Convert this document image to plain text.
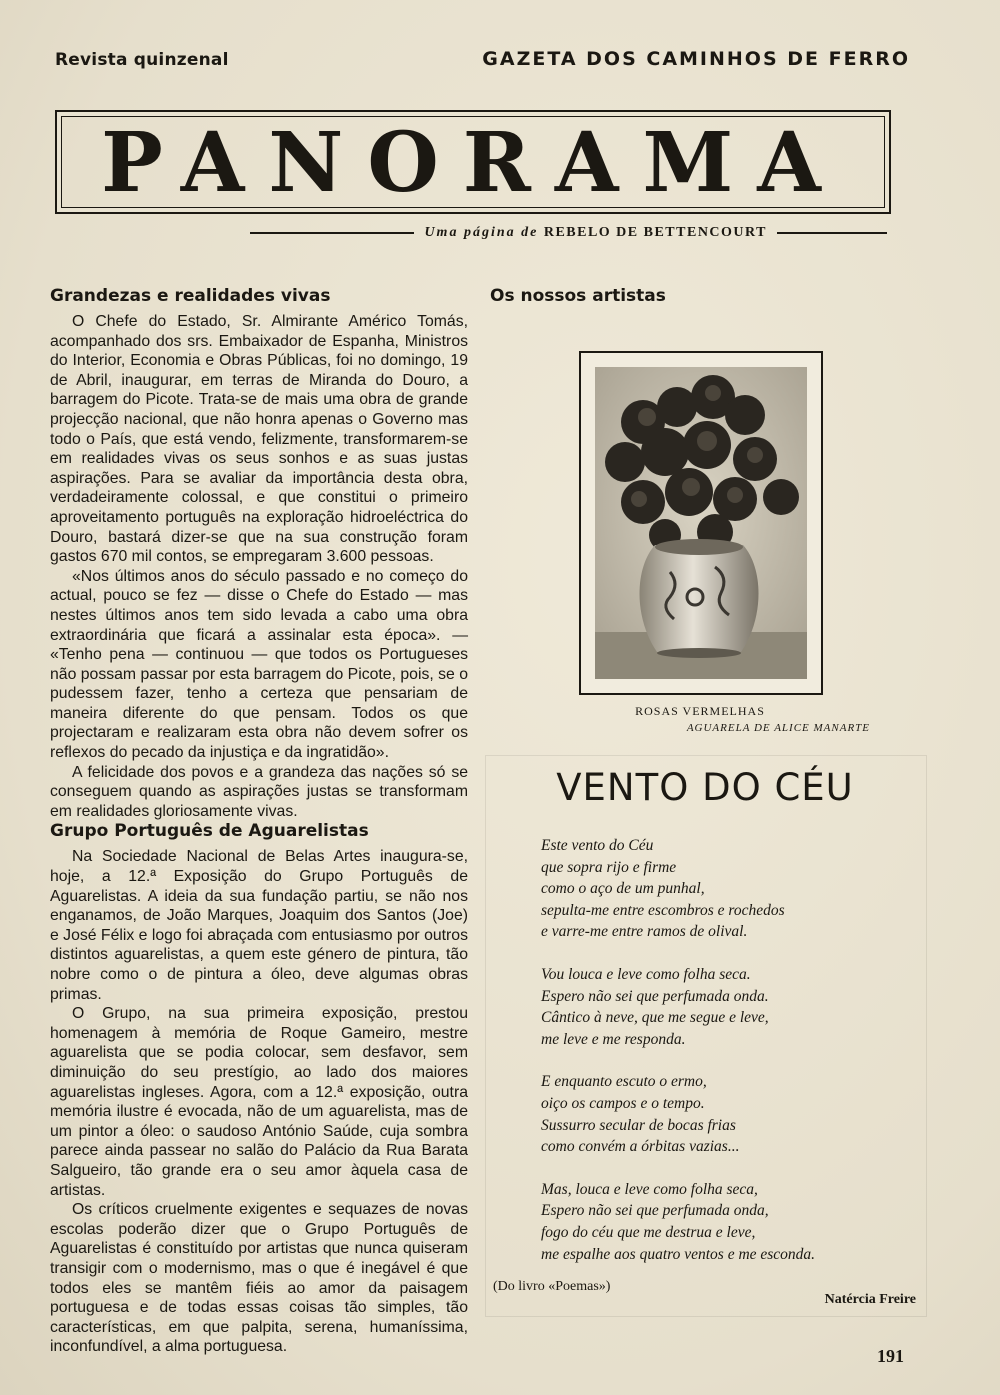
Revista quinzenal	GAZETA DOS CAMINHOS DE FERRO
PANORAMA
Uma página de REBELO DE BETTENCOURT
Grandezas e realidades vivas

O Chefe do Estado, Sr. Almirante Américo Tomás, acompanhado dos srs. Embaixador de Espanha, Ministros do Interior, Economia e Obras Públicas, foi no domingo, 19 de Abril, inaugurar, em terras de Miranda do Douro, a barragem do Picote. Trata-se de mais uma obra de grande projecção nacional, que não honra apenas o Governo mas todo o País, que está vendo, felizmente, transformarem-se em realidades vivas os seus sonhos e as suas justas aspirações. Para se avaliar da importância desta obra, verdadeiramente colossal, e que constitui o primeiro aproveitamento português na exploração hidroeléctrica do Douro, bastará dizer-se que na sua construção foram gastos 670 mil contos, se empregaram 3.600 pessoas.

«Nos últimos anos do século passado e no começo do actual, pouco se fez — disse o Chefe do Estado — mas nestes últimos anos tem sido levada a cabo uma obra extraordinária que ficará a assinalar esta época». — «Tenho pena — continuou — que todos os Portugueses não possam passar por esta barragem do Picote, pois, se o pudessem fazer, tenho a certeza que pensariam de maneira diferente do que pensam. Todos os que projectaram e realizaram esta obra não devem sofrer os reflexos do pecado da injustiça e da ingratidão».

A felicidade dos povos e a grandeza das nações só se conseguem quando as aspirações justas se transformam em realidades gloriosamente vivas.

Grupo Português de Aguarelistas

Na Sociedade Nacional de Belas Artes inaugura-se, hoje, a 12.ª Exposição do Grupo Português de Aguarelistas. A ideia da sua fundação partiu, se não nos enganamos, de João Marques, Joaquim dos Santos (Joe) e José Félix e logo foi abraçada com entusiasmo por outros distintos aguarelistas, a quem este género de pintura, tão nobre como o de pintura a óleo, deve algumas obras primas.

O Grupo, na sua primeira exposição, prestou homenagem à memória de Roque Gameiro, mestre aguarelista que se podia colocar, sem desfavor, sem diminuição do seu prestígio, ao lado dos maiores aguarelistas ingleses. Agora, com a 12.ª exposição, outra memória ilustre é evocada, não de um aguarelista, mas de um pintor a óleo: o saudoso António Saúde, cuja sombra parece ainda passear no salão do Palácio da Rua Barata Salgueiro, tão grande era o seu amor àquela casa de artistas.

Os críticos cruelmente exigentes e sequazes de novas escolas poderão dizer que o Grupo Português de Aguarelistas é constituído por artistas que nunca quiseram transigir com o modernismo, mas o que é inegável é que todos eles se mantêm fiéis ao amor da paisagem portuguesa e de todas essas coisas tão simples, tão características, em que palpita, serena, humaníssima, inconfundível, a alma portuguesa.

Os nossos artistas
ROSAS VERMELHAS
AGUARELA DE ALICE MANARTE
VENTO DO CÉU
Este vento do Céu
que sopra rijo e firme
como o aço de um punhal,
sepulta-me entre escombros e rochedos
e varre-me entre ramos de olival.
Vou louca e leve como folha seca.
Espero não sei que perfumada onda.
Cântico à neve, que me segue e leve,
me leve e me responda.
E enquanto escuto o ermo,
oiço os campos e o tempo.
Sussurro secular de bocas frias
como convém a órbitas vazias...
Mas, louca e leve como folha seca,
Espero não sei que perfumada onda,
fogo do céu que me destrua e leve,
me espalhe aos quatro ventos e me esconda.
(Do livro «Poemas»)
Natércia Freire
191
